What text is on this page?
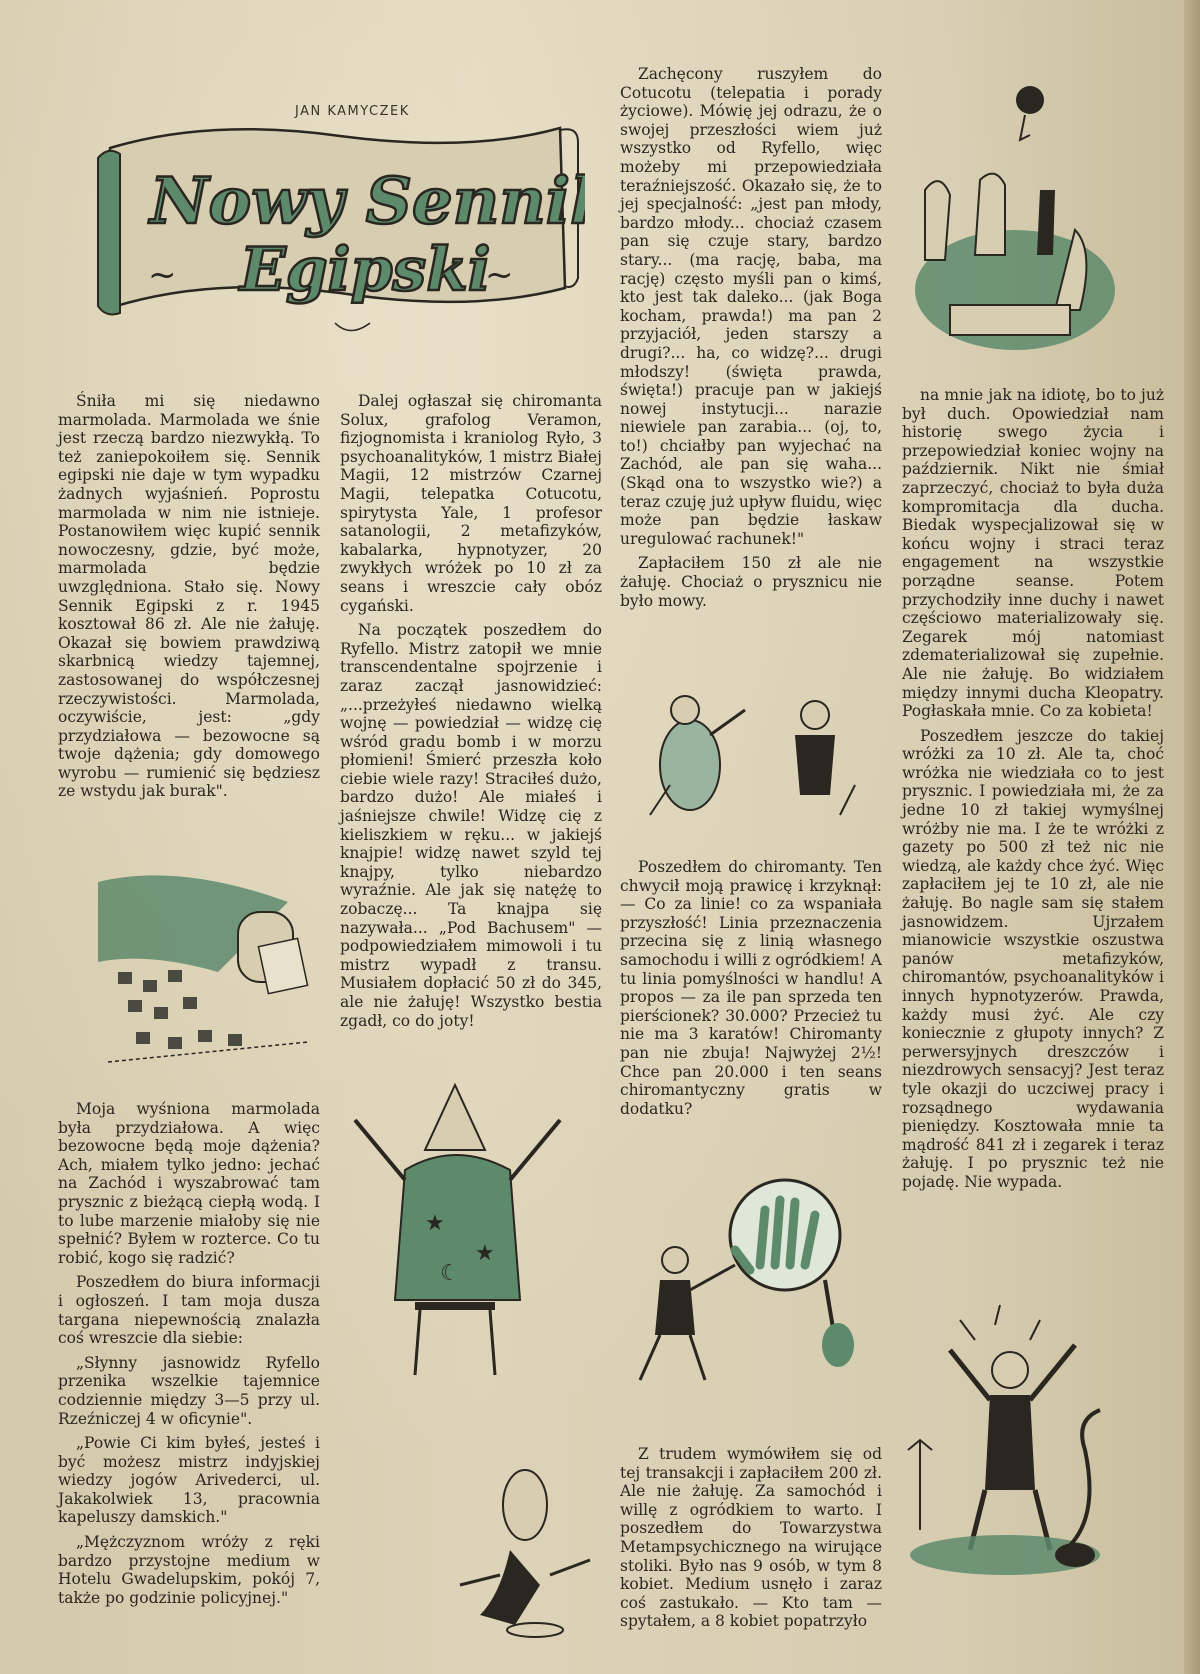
JAN KAMYCZEK
Nowy Sennik
Egipski
~	~

Śniła mi się niedawno marmolada. Marmolada we śnie jest rzeczą bardzo niezwykłą. To też zaniepokoiłem się. Sennik egipski nie daje w tym wypadku żadnych wyjaśnień. Poprostu marmolada w nim nie istnieje. Postanowiłem więc kupić sennik nowoczesny, gdzie, być może, marmolada będzie uwzględniona. Stało się. Nowy Sennik Egipski z r. 1945 kosztował 86 zł. Ale nie żałuję. Okazał się bowiem prawdziwą skarbnicą wiedzy tajemnej, zastosowanej do współczesnej rzeczywistości. Marmolada, oczywiście, jest: „gdy przydziałowa — bezowocne są twoje dążenia; gdy domowego wyrobu — rumienić się będziesz ze wstydu jak burak".

Moja wyśniona marmolada była przydziałowa. A więc bezowocne będą moje dążenia? Ach, miałem tylko jedno: jechać na Zachód i wyszabrować tam prysznic z bieżącą ciepłą wodą. I to lube marzenie miałoby się nie spełnić? Byłem w rozterce. Co tu robić, kogo się radzić?

Poszedłem do biura informacji i ogłoszeń. I tam moja dusza targana niepewnością znalazła coś wreszcie dla siebie:

„Słynny jasnowidz Ryfello przenika wszelkie tajemnice codziennie między 3—5 przy ul. Rzeźniczej 4 w oficynie".

„Powie Ci kim byłeś, jesteś i być możesz mistrz indyjskiej wiedzy jogów Arivederci, ul. Jakakolwiek 13, pracownia kapeluszy damskich."

„Mężczyznom wróży z ręki bardzo przystojne medium w Hotelu Gwadelupskim, pokój 7, także po godzinie policyjnej."

Dalej ogłaszał się chiromanta Solux, grafolog Veramon, fizjognomista i kraniolog Ryło, 3 psychoanalityków, 1 mistrz Białej Magii, 12 mistrzów Czarnej Magii, telepatka Cotucotu, spirytysta Yale, 1 profesor satanologii, 2 metafizyków, kabalarka, hypnotyzer, 20 zwykłych wróżek po 10 zł za seans i wreszcie cały obóz cygański.

Na początek poszedłem do Ryfello. Mistrz zatopił we mnie transcendentalne spojrzenie i zaraz zaczął jasnowidzieć: „...przeżyłeś niedawno wielką wojnę — powiedział — widzę cię wśród gradu bomb i w morzu płomieni! Śmierć przeszła koło ciebie wiele razy! Straciłeś dużo, bardzo dużo! Ale miałeś i jaśniejsze chwile! Widzę cię z kieliszkiem w ręku... w jakiejś knajpie! widzę nawet szyld tej knajpy, tylko niebardzo wyraźnie. Ale jak się natężę to zobaczę... Ta knajpa się nazywała... „Pod Bachusem" — podpowiedziałem mimowoli i tu mistrz wypadł z transu. Musiałem dopłacić 50 zł do 345, ale nie żałuję! Wszystko bestia zgadł, co do joty!

★
★
☾

Zachęcony ruszyłem do Cotucotu (telepatia i porady życiowe). Mówię jej odrazu, że o swojej przeszłości wiem już wszystko od Ryfello, więc możeby mi przepowiedziała teraźniejszość. Okazało się, że to jej specjalność: „jest pan młody, bardzo młody... chociaż czasem pan się czuje stary, bardzo stary... (ma rację, baba, ma rację) często myśli pan o kimś, kto jest tak daleko... (jak Boga kocham, prawda!) ma pan 2 przyjaciół, jeden starszy a drugi?... ha, co widzę?... drugi młodszy! (święta prawda, święta!) pracuje pan w jakiejś nowej instytucji... narazie niewiele pan zarabia... (oj, to, to!) chciałby pan wyjechać na Zachód, ale pan się waha... (Skąd ona to wszystko wie?) a teraz czuję już upływ fluidu, więc może pan będzie łaskaw uregulować rachunek!"

Zapłaciłem 150 zł ale nie żałuję. Chociaż o prysznicu nie było mowy.

Poszedłem do chiromanty. Ten chwycił moją prawicę i krzyknął: — Co za linie! co za wspaniała przyszłość! Linia przeznaczenia przecina się z linią własnego samochodu i willi z ogródkiem! A tu linia pomyślności w handlu! A propos — za ile pan sprzeda ten pierścionek? 30.000? Przecież tu nie ma 3 karatów! Chiromanty pan nie zbuja! Najwyżej 2½! Chce pan 20.000 i ten seans chiromantyczny gratis w dodatku?

Z trudem wymówiłem się od tej transakcji i zapłaciłem 200 zł. Ale nie żałuję. Za samochód i willę z ogródkiem to warto. I poszedłem do Towarzystwa Metampsychicznego na wirujące stoliki. Było nas 9 osób, w tym 8 kobiet. Medium usnęło i zaraz coś zastukało. — Kto tam — spytałem, a 8 kobiet popatrzyło

na mnie jak na idiotę, bo to już był duch. Opowiedział nam historię swego życia i przepowiedział koniec wojny na październik. Nikt nie śmiał zaprzeczyć, chociaż to była duża kompromitacja dla ducha. Biedak wyspecjalizował się w końcu wojny i straci teraz engagement na wszystkie porządne seanse. Potem przychodziły inne duchy i nawet częściowo materializowały się. Zegarek mój natomiast zdematerializował się zupełnie. Ale nie żałuję. Bo widziałem między innymi ducha Kleopatry. Pogłaskała mnie. Co za kobieta!

Poszedłem jeszcze do takiej wróżki za 10 zł. Ale ta, choć wróżka nie wiedziała co to jest prysznic. I powiedziała mi, że za jedne 10 zł takiej wymyślnej wróżby nie ma. I że te wróżki z gazety po 500 zł też nic nie wiedzą, ale każdy chce żyć. Więc zapłaciłem jej te 10 zł, ale nie żałuję. Bo nagle sam się stałem jasnowidzem. Ujrzałem mianowicie wszystkie oszustwa panów metafizyków, chiromantów, psychoanalityków i innych hypnotyzerów. Prawda, każdy musi żyć. Ale czy koniecznie z głupoty innych? Z perwersyjnych dreszczów i niezdrowych sensacyj? Jest teraz tyle okazji do uczciwej pracy i rozsądnego wydawania pieniędzy. Kosztowała mnie ta mądrość 841 zł i zegarek i teraz żałuję. I po prysznic też nie pojadę. Nie wypada.
